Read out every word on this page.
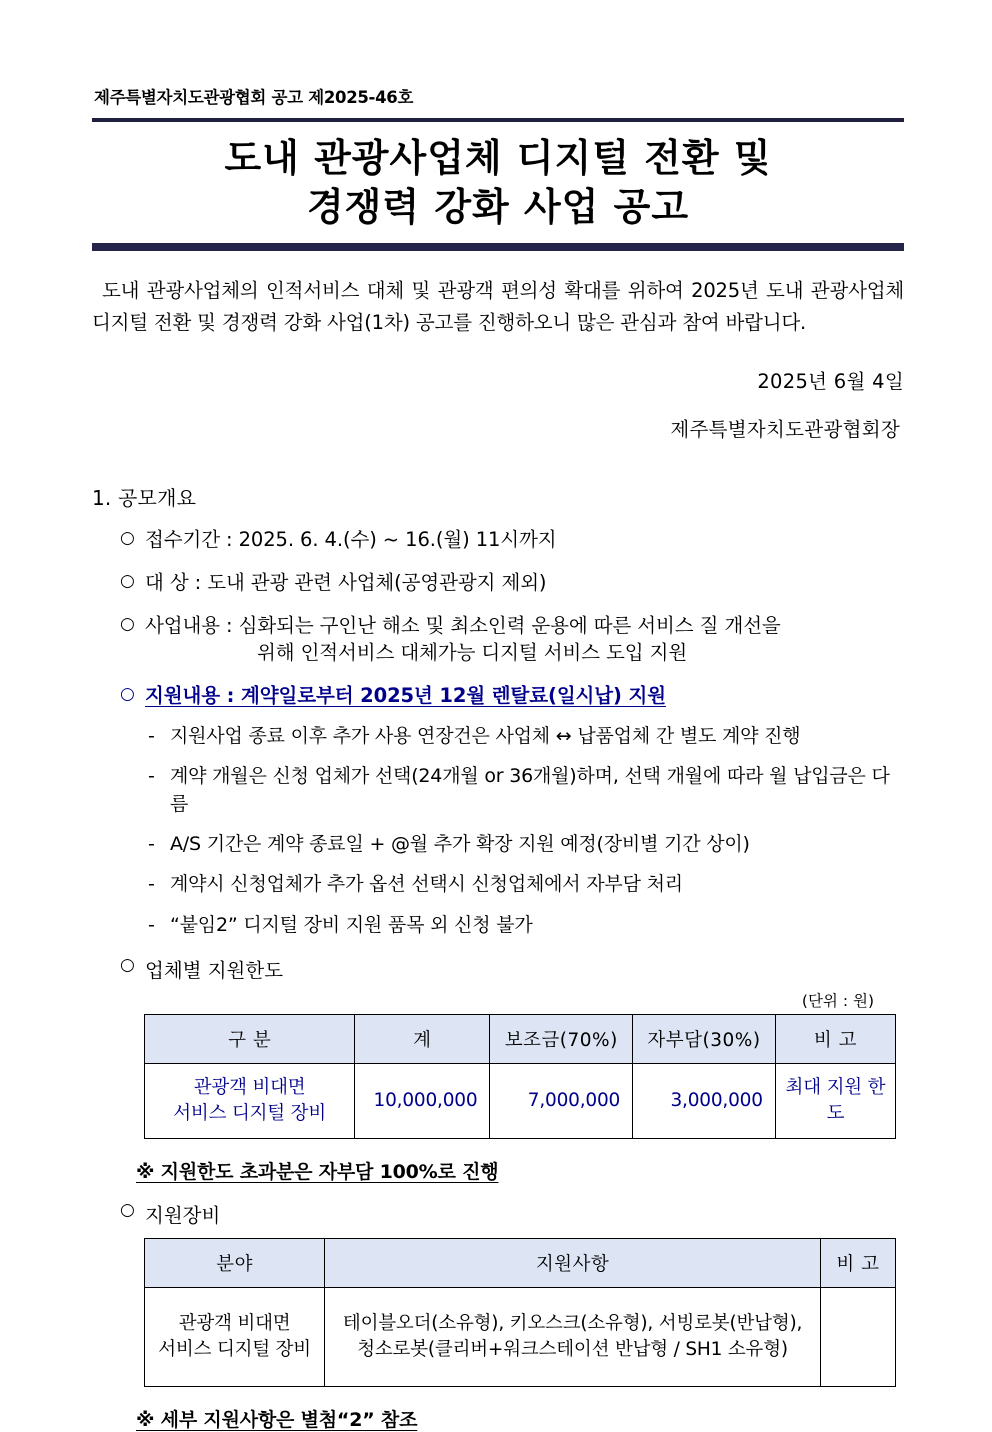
제주특별자치도관광협회 공고 제2025-46호
도내 관광사업체 디지털 전환 및
경쟁력 강화 사업 공고

도내 관광사업체의 인적서비스 대체 및 관광객 편의성 확대를 위하여 2025년 도내 관광사업체 디지털 전환 및 경쟁력 강화 사업(1차) 공고를 진행하오니 많은 관심과 참여 바랍니다.

2025년 6월 4일
제주특별자치도관광협회장
1. 공모개요
○ 접수기간 : 2025. 6. 4.(수) ~ 16.(월) 11시까지
○ 대 상 : 도내 관광 관련 사업체(공영관광지 제외)
○ 사업내용 : 심화되는 구인난 해소 및 최소인력 운용에 따른 서비스 질 개선을
위해 인적서비스 대체가능 디지털 서비스 도입 지원
○ 지원내용 : 계약일로부터 2025년 12월 렌탈료(일시납) 지원
- 지원사업 종료 이후 추가 사용 연장건은 사업체 ↔ 납품업체 간 별도 계약 진행
- 계약 개월은 신청 업체가 선택(24개월 or 36개월)하며, 선택 개월에 따라 월 납입금은 다름
- A/S 기간은 계약 종료일 + @월 추가 확장 지원 예정(장비별 기간 상이)
- 계약시 신청업체가 추가 옵션 선택시 신청업체에서 자부담 처리
- “붙임2” 디지털 장비 지원 품목 외 신청 불가
○ 업체별 지원한도
(단위 : 원)
구 분	계	보조금(70%)	자부담(30%)	비 고
관광객 비대면
서비스 디지털 장비	10,000,000	7,000,000	3,000,000	최대 지원 한도
※ 지원한도 초과분은 자부담 100%로 진행
○ 지원장비
분야	지원사항	비 고
관광객 비대면
서비스 디지털 장비	테이블오더(소유형), 키오스크(소유형), 서빙로봇(반납형),
청소로봇(클리버+워크스테이션 반납형 / SH1 소유형)	
※ 세부 지원사항은 별첨“2” 참조
